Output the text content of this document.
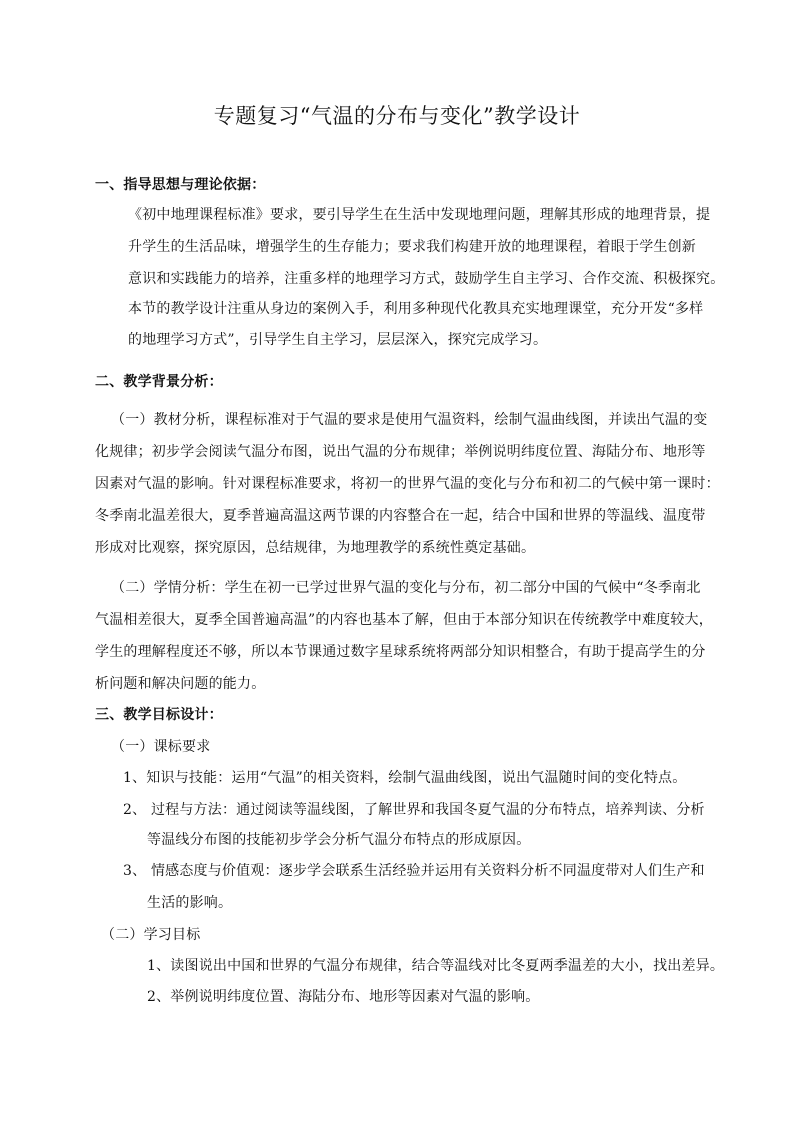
专题复习“气温的分布与变化”教学设计
一、指导思想与理论依据：
《初中地理课程标准》要求，要引导学生在生活中发现地理问题，理解其形成的地理背景，提
升学生的生活品味，增强学生的生存能力；要求我们构建开放的地理课程，着眼于学生创新
意识和实践能力的培养，注重多样的地理学习方式，鼓励学生自主学习、合作交流、积极探究。
本节的教学设计注重从身边的案例入手，利用多种现代化教具充实地理课堂，充分开发“多样
的地理学习方式”，引导学生自主学习，层层深入，探究完成学习。
二、教学背景分析：
（一）教材分析，课程标准对于气温的要求是使用气温资料，绘制气温曲线图，并读出气温的变
化规律；初步学会阅读气温分布图，说出气温的分布规律；举例说明纬度位置、海陆分布、地形等
因素对气温的影响。针对课程标准要求，将初一的世界气温的变化与分布和初二的气候中第一课时：
冬季南北温差很大，夏季普遍高温这两节课的内容整合在一起，结合中国和世界的等温线、温度带
形成对比观察，探究原因，总结规律，为地理教学的系统性奠定基础。
（二）学情分析：学生在初一已学过世界气温的变化与分布，初二部分中国的气候中“冬季南北
气温相差很大，夏季全国普遍高温”的内容也基本了解，但由于本部分知识在传统教学中难度较大，
学生的理解程度还不够，所以本节课通过数字星球系统将两部分知识相整合，有助于提高学生的分
析问题和解决问题的能力。
三、教学目标设计：
（一）课标要求
1、知识与技能：运用“气温”的相关资料，绘制气温曲线图，说出气温随时间的变化特点。
2、 过程与方法：通过阅读等温线图，了解世界和我国冬夏气温的分布特点，培养判读、分析
等温线分布图的技能初步学会分析气温分布特点的形成原因。
3、 情感态度与价值观：逐步学会联系生活经验并运用有关资料分析不同温度带对人们生产和
生活的影响。
（二）学习目标
1、读图说出中国和世界的气温分布规律，结合等温线对比冬夏两季温差的大小，找出差异。
2、举例说明纬度位置、海陆分布、地形等因素对气温的影响。
